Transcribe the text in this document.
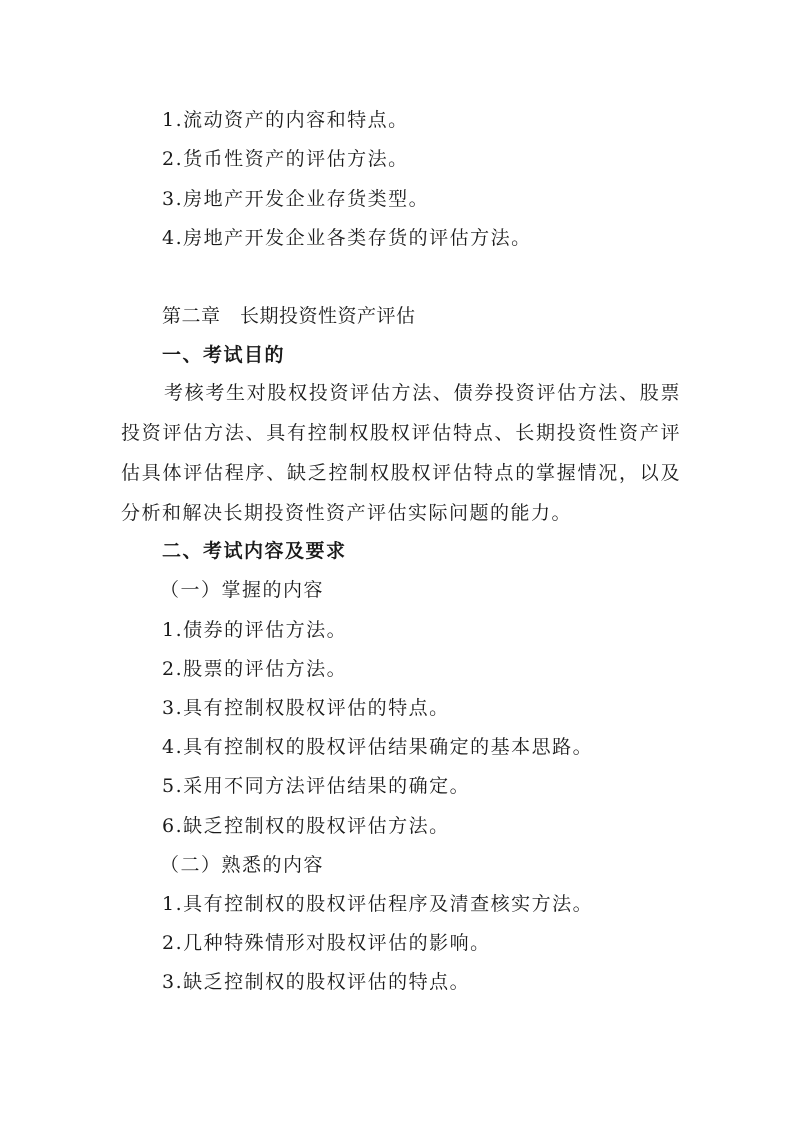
1.流动资产的内容和特点。
2.货币性资产的评估方法。
3.房地产开发企业存货类型。
4.房地产开发企业各类存货的评估方法。
第二章　长期投资性资产评估
一、考试目的
考核考生对股权投资评估方法、债券投资评估方法、股票投资评估方法、具有控制权股权评估特点、长期投资性资产评估具体评估程序、缺乏控制权股权评估特点的掌握情况，以及分析和解决长期投资性资产评估实际问题的能力。
二、考试内容及要求
（一）掌握的内容
1.债券的评估方法。
2.股票的评估方法。
3.具有控制权股权评估的特点。
4.具有控制权的股权评估结果确定的基本思路。
5.采用不同方法评估结果的确定。
6.缺乏控制权的股权评估方法。
（二）熟悉的内容
1.具有控制权的股权评估程序及清查核实方法。
2.几种特殊情形对股权评估的影响。
3.缺乏控制权的股权评估的特点。
